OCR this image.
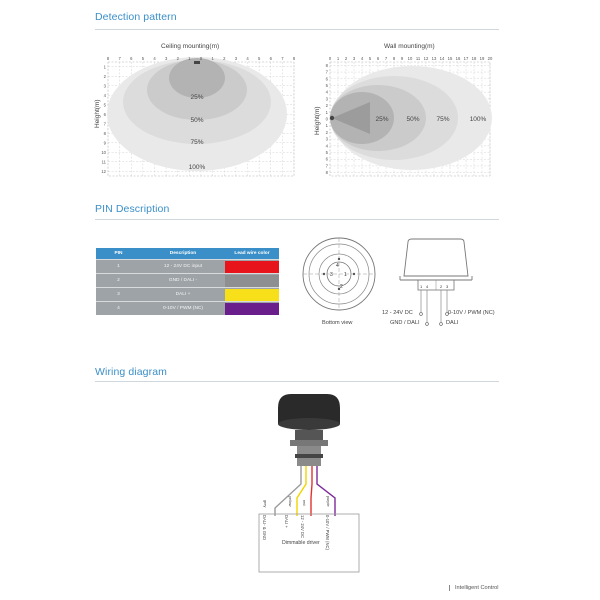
Detection pattern
Ceiling mounting(m)
Height(m)
8 7 6 5 4 3 2 1 0 1 2 3 4 5 6 7 8
1
2
3
4
5
6
7
8
9
10
11
12
25%
50%
75%
100%
Wall mounting(m)
Height(m)
0 1 2 3 4 5 6 7 8 9 10 11 12 13 14 15 16 17 18 19 20
8
7
6
5
4
3
2
1
0
1
2
3
4
5
6
7
8
25%	50%	75%	100%
PIN Description
PIN	Description	Lead wire color
1	12 - 24V DC input	

2	GND / DALI -	

3	DALI +	

4	0-10V / PWM (NC)	
4
3 1
2
Bottom view
1 4	2 3
12 - 24V DC	0-10V / PWM (NC)
GND / DALI	DALI
Wiring diagram
Dimmable driver
DALI- & GND	DALI +	12 - 24V DC	0-10V / PWM (NC)
grey	yellow	red	purple
Intelligent Control
